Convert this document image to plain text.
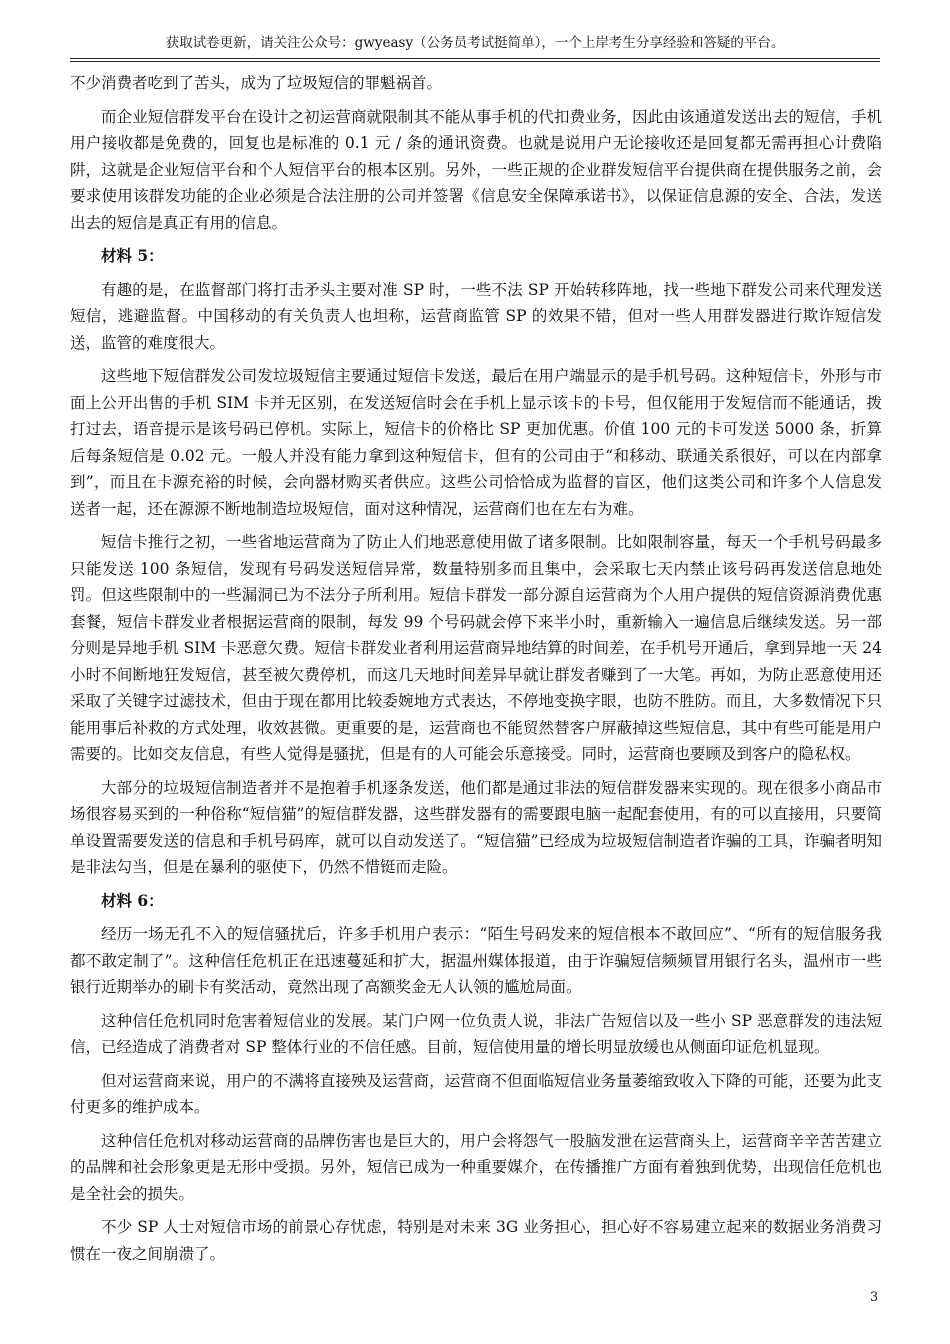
获取试卷更新，请关注公众号：gwyeasy（公务员考试挺简单），一个上岸考生分享经验和答疑的平台。

不少消费者吃到了苦头，成为了垃圾短信的罪魁祸首。

而企业短信群发平台在设计之初运营商就限制其不能从事手机的代扣费业务，因此由该通道发送出去的短信，手机用户接收都是免费的，回复也是标准的 0.1 元 / 条的通讯资费。也就是说用户无论接收还是回复都无需再担心计费陷阱，这就是企业短信平台和个人短信平台的根本区别。另外，一些正规的企业群发短信平台提供商在提供服务之前，会要求使用该群发功能的企业必须是合法注册的公司并签署《信息安全保障承诺书》，以保证信息源的安全、合法，发送出去的短信是真正有用的信息。

材料 5：

有趣的是，在监督部门将打击矛头主要对准 SP 时，一些不法 SP 开始转移阵地，找一些地下群发公司来代理发送短信，逃避监督。中国移动的有关负责人也坦称，运营商监管 SP 的效果不错，但对一些人用群发器进行欺诈短信发送，监管的难度很大。

这些地下短信群发公司发垃圾短信主要通过短信卡发送，最后在用户端显示的是手机号码。这种短信卡，外形与市面上公开出售的手机 SIM 卡并无区别，在发送短信时会在手机上显示该卡的卡号，但仅能用于发短信而不能通话，拨打过去，语音提示是该号码已停机。实际上，短信卡的价格比 SP 更加优惠。价值 100 元的卡可发送 5000 条，折算后每条短信是 0.02 元。一般人并没有能力拿到这种短信卡，但有的公司由于“和移动、联通关系很好，可以在内部拿到”，而且在卡源充裕的时候，会向器材购买者供应。这些公司恰恰成为监督的盲区，他们这类公司和许多个人信息发送者一起，还在源源不断地制造垃圾短信，面对这种情况，运营商们也在左右为难。

短信卡推行之初，一些省地运营商为了防止人们地恶意使用做了诸多限制。比如限制容量，每天一个手机号码最多只能发送 100 条短信，发现有号码发送短信异常，数量特别多而且集中，会采取七天内禁止该号码再发送信息地处罚。但这些限制中的一些漏洞已为不法分子所利用。短信卡群发一部分源自运营商为个人用户提供的短信资源消费优惠套餐，短信卡群发业者根据运营商的限制，每发 99 个号码就会停下来半小时，重新输入一遍信息后继续发送。另一部分则是异地手机 SIM 卡恶意欠费。短信卡群发业者利用运营商异地结算的时间差，在手机号开通后，拿到异地一天 24 小时不间断地狂发短信，甚至被欠费停机，而这几天地时间差异早就让群发者赚到了一大笔。再如，为防止恶意使用还采取了关键字过滤技术，但由于现在都用比较委婉地方式表达，不停地变换字眼，也防不胜防。而且，大多数情况下只能用事后补救的方式处理，收效甚微。更重要的是，运营商也不能贸然替客户屏蔽掉这些短信息，其中有些可能是用户需要的。比如交友信息，有些人觉得是骚扰，但是有的人可能会乐意接受。同时，运营商也要顾及到客户的隐私权。

大部分的垃圾短信制造者并不是抱着手机逐条发送，他们都是通过非法的短信群发器来实现的。现在很多小商品市场很容易买到的一种俗称“短信猫”的短信群发器，这些群发器有的需要跟电脑一起配套使用，有的可以直接用，只要简单设置需要发送的信息和手机号码库，就可以自动发送了。“短信猫”已经成为垃圾短信制造者诈骗的工具，诈骗者明知是非法勾当，但是在暴利的驱使下，仍然不惜铤而走险。

材料 6：

经历一场无孔不入的短信骚扰后，许多手机用户表示：“陌生号码发来的短信根本不敢回应”、“所有的短信服务我都不敢定制了”。这种信任危机正在迅速蔓延和扩大，据温州媒体报道，由于诈骗短信频频冒用银行名头，温州市一些银行近期举办的刷卡有奖活动，竟然出现了高额奖金无人认领的尴尬局面。

这种信任危机同时危害着短信业的发展。某门户网一位负责人说，非法广告短信以及一些小 SP 恶意群发的违法短信，已经造成了消费者对 SP 整体行业的不信任感。目前，短信使用量的增长明显放缓也从侧面印证危机显现。

但对运营商来说，用户的不满将直接殃及运营商，运营商不但面临短信业务量萎缩致收入下降的可能，还要为此支付更多的维护成本。

这种信任危机对移动运营商的品牌伤害也是巨大的，用户会将怨气一股脑发泄在运营商头上，运营商辛辛苦苦建立的品牌和社会形象更是无形中受损。另外，短信已成为一种重要媒介，在传播推广方面有着独到优势，出现信任危机也是全社会的损失。

不少 SP 人士对短信市场的前景心存忧虑，特别是对未来 3G 业务担心，担心好不容易建立起来的数据业务消费习惯在一夜之间崩溃了。

3
